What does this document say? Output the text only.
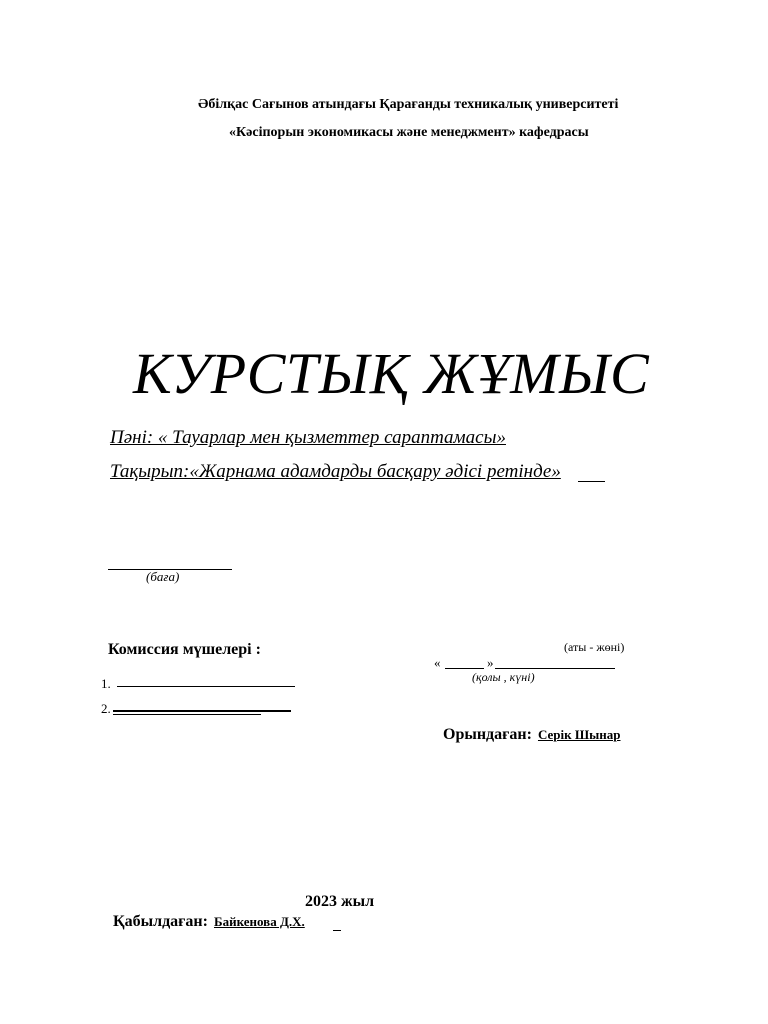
Әбілқас Сағынов атындағы Қарағанды техникалық университеті
«Кәсіпорын экономикасы және менеджмент» кафедрасы
КУРСТЫҚ ЖҰМЫС
Пәні: « Тауарлар мен қызметтер сараптамасы»
Тақырып:«Жарнама адамдарды басқару әдісі ретінде»
(баға)
Комиссия мүшелері :
1.
2.
(аты - жөні)
«	»
(қолы , күні)
Орындаған: Серік Шынар
2023 жыл
Қабылдаған: Байкенова Д.Х.
